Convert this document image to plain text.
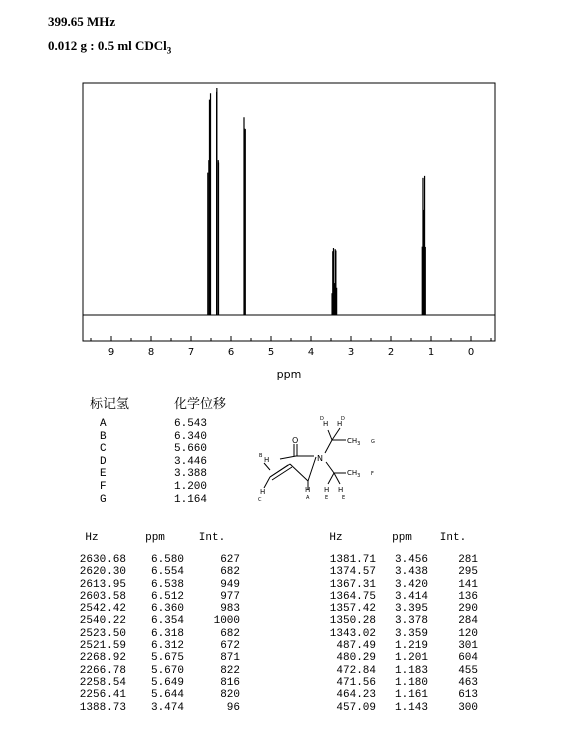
399.65 MHz
0.012 g : 0.5 ml CDCl$_3$
9	8	7	6	5	4	3	2	1	0
ppm
标记氢	化学位移
A	6.543
B	6.340
C	5.660
D	3.446
E	3.388
F	1.200
G	1.164
O
N
$CH_3$
$CH_3$
G
F
H H
D	D
H H
E	E
H
A
H
B
H
C
Hz	ppm	Int.
2630.68	6.580	627
2620.30	6.554	682
2613.95	6.538	949
2603.58	6.512	977
2542.42	6.360	983
2540.22	6.354	1000
2523.50	6.318	682
2521.59	6.312	672
2268.92	5.675	871
2266.78	5.670	822
2258.54	5.649	816
2256.41	5.644	820
1388.73	3.474	96
Hz	ppm	Int.
1381.71	3.456	281
1374.57	3.438	295
1367.31	3.420	141
1364.75	3.414	136
1357.42	3.395	290
1350.28	3.378	284
1343.02	3.359	120
487.49	1.219	301
480.29	1.201	604
472.84	1.183	455
471.56	1.180	463
464.23	1.161	613
457.09	1.143	300
